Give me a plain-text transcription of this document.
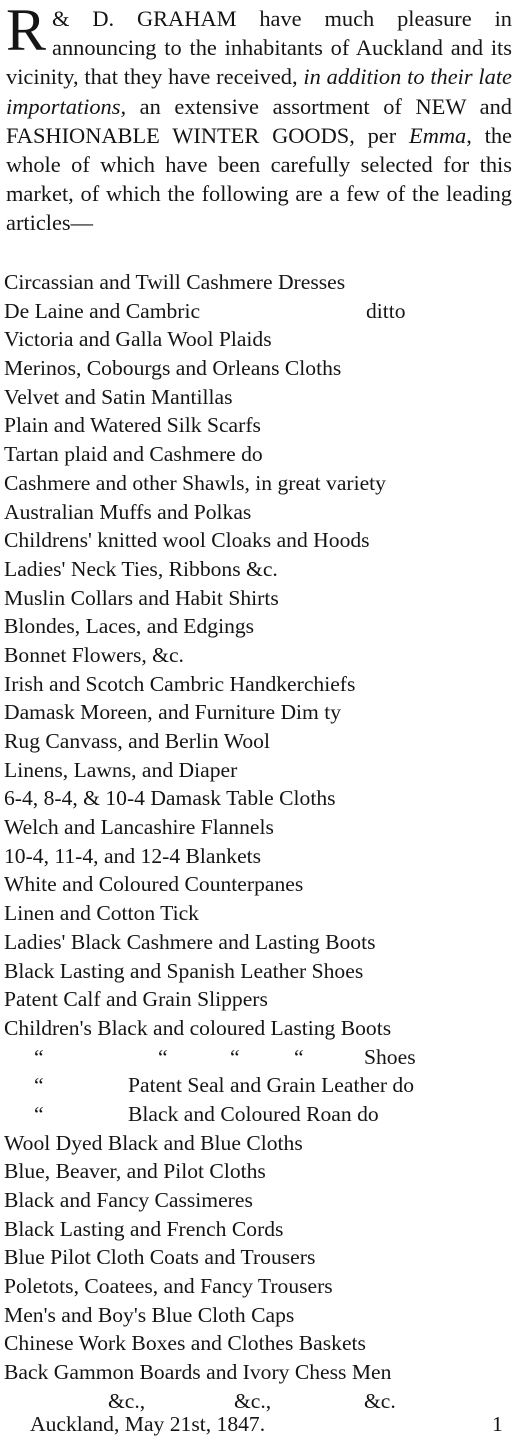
R & D. GRAHAM have much pleasure in announcing to the inhabitants of Auckland and its vicinity, that they have received, in addition to their late importations, an extensive assortment of NEW and FASHIONABLE WINTER GOODS, per Emma, the whole of which have been carefully selected for this market, of which the following are a few of the leading articles—

Circassian and Twill Cashmere Dresses
De Laine and Cambric	ditto
Victoria and Galla Wool Plaids
Merinos, Cobourgs and Orleans Cloths
Velvet and Satin Mantillas
Plain and Watered Silk Scarfs
Tartan plaid and Cashmere do
Cashmere and other Shawls, in great variety
Australian Muffs and Polkas
Childrens' knitted wool Cloaks and Hoods
Ladies' Neck Ties, Ribbons &c.
Muslin Collars and Habit Shirts
Blondes, Laces, and Edgings
Bonnet Flowers, &c.
Irish and Scotch Cambric Handkerchiefs
Damask Moreen, and Furniture Dim ty
Rug Canvass, and Berlin Wool
Linens, Lawns, and Diaper
6-4, 8-4, & 10-4 Damask Table Cloths
Welch and Lancashire Flannels
10-4, 11-4, and 12-4 Blankets
White and Coloured Counterpanes
Linen and Cotton Tick
Ladies' Black Cashmere and Lasting Boots
Black Lasting and Spanish Leather Shoes
Patent Calf and Grain Slippers
Children's Black and coloured Lasting Boots
“	“	“	“	Shoes
“	Patent Seal and Grain Leather do
“	Black and Coloured Roan do
Wool Dyed Black and Blue Cloths
Blue, Beaver, and Pilot Cloths
Black and Fancy Cassimeres
Black Lasting and French Cords
Blue Pilot Cloth Coats and Trousers
Poletots, Coatees, and Fancy Trousers
Men's and Boy's Blue Cloth Caps
Chinese Work Boxes and Clothes Baskets
Back Gammon Boards and Ivory Chess Men
&c.,	&c.,	&c.
Auckland, May 21st, 1847.	1
